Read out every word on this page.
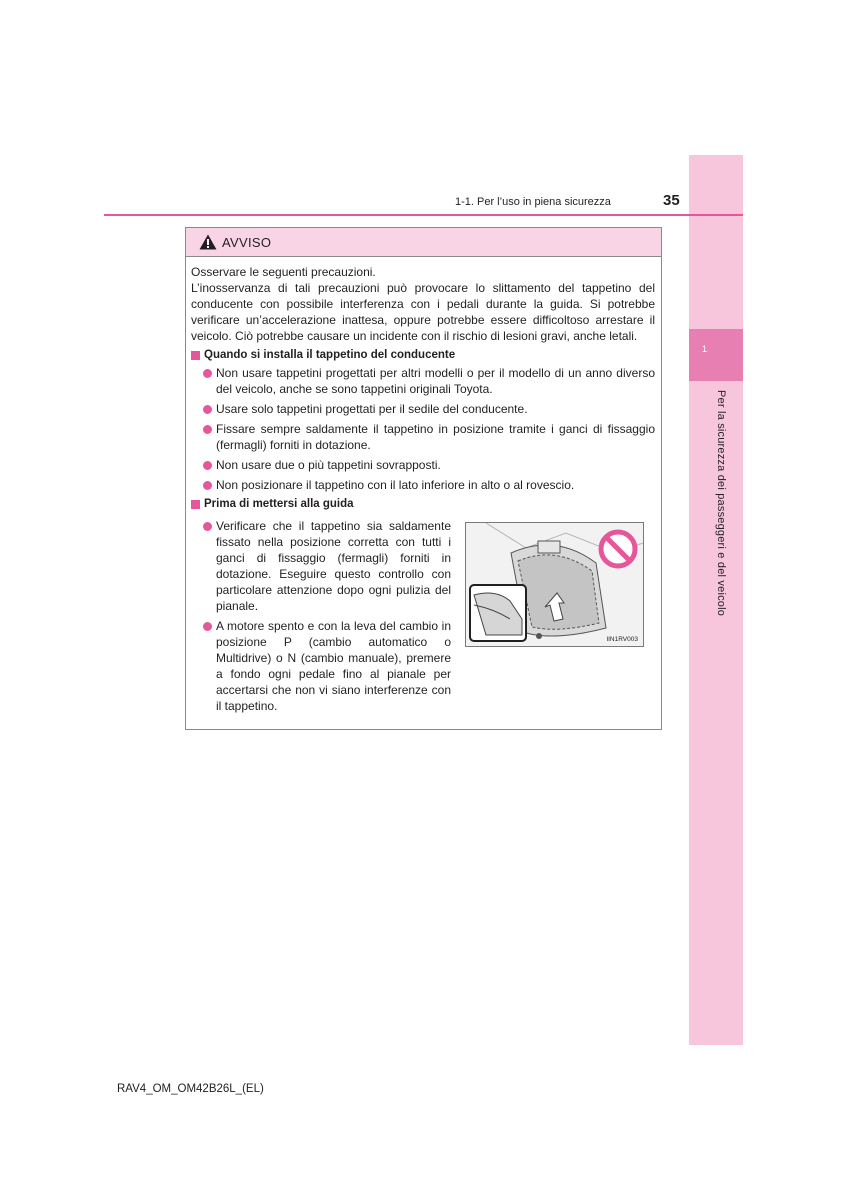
1
Per la sicurezza dei passeggeri e del veicolo
1-1. Per l’uso in piena sicurezza	35
AVVISO

Osservare le seguenti precauzioni.

L’inosservanza di tali precauzioni può provocare lo slittamento del tappetino del conducente con possibile interferenza con i pedali durante la guida. Si potrebbe verificare un’accelerazione inattesa, oppure potrebbe essere difficoltoso arrestare il veicolo. Ciò potrebbe causare un incidente con il rischio di lesioni gravi, anche letali.

Quando si installa il tappetino del conducente
Non usare tappetini progettati per altri modelli o per il modello di un anno diverso del veicolo, anche se sono tappetini originali Toyota.
Usare solo tappetini progettati per il sedile del conducente.
Fissare sempre saldamente il tappetino in posizione tramite i ganci di fissaggio (fermagli) forniti in dotazione.
Non usare due o più tappetini sovrapposti.
Non posizionare il tappetino con il lato inferiore in alto o al rovescio.
Prima di mettersi alla guida
Verificare che il tappetino sia saldamente fissato nella posizione corretta con tutti i ganci di fissaggio (fermagli) forniti in dotazione. Eseguire questo controllo con particolare attenzione dopo ogni pulizia del pianale.
A motore spento e con la leva del cambio in posizione P (cambio automatico o Multidrive) o N (cambio manuale), premere a fondo ogni pedale fino al pianale per accertarsi che non vi siano interferenze con il tappetino.
IIN1RV003
RAV4_OM_OM42B26L_(EL)
